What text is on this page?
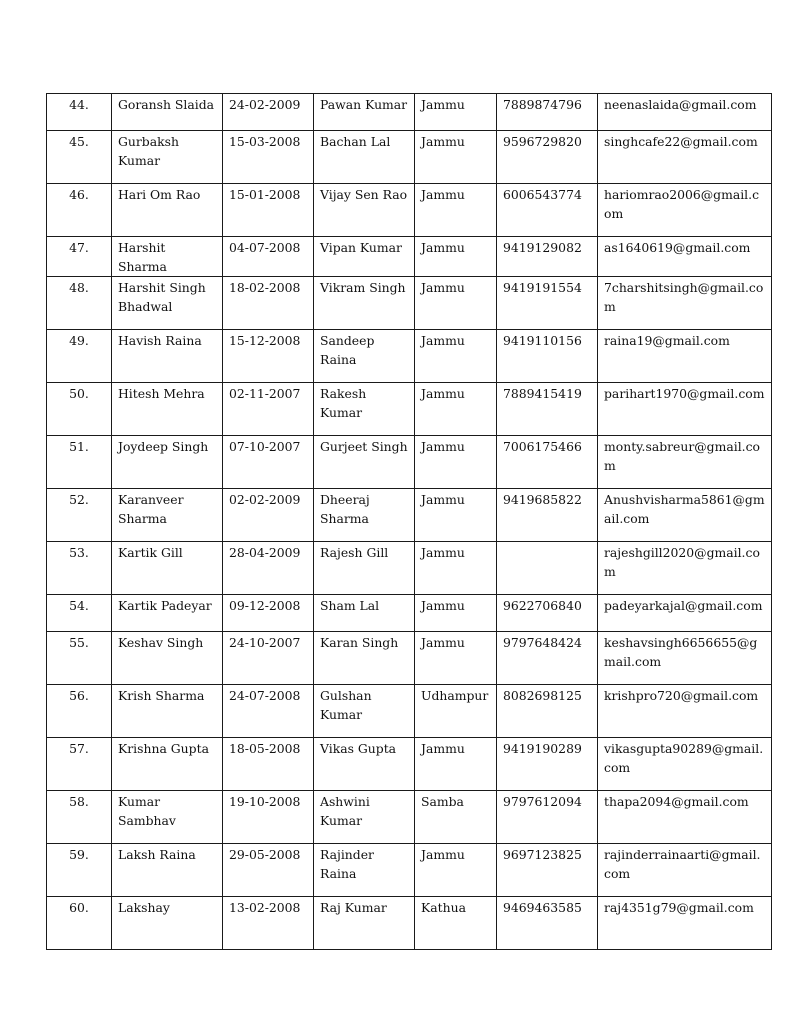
44.	Goransh Slaida	24-02-2009	Pawan Kumar	Jammu	7889874796	neenaslaida@gmail.com
45.	Gurbaksh Kumar	15-03-2008	Bachan Lal	Jammu	9596729820	singhcafe22@gmail.com
46.	Hari Om Rao	15-01-2008	Vijay Sen Rao	Jammu	6006543774	hariomrao2006@gmail.com
47.	Harshit Sharma	04-07-2008	Vipan Kumar	Jammu	9419129082	as1640619@gmail.com
48.	Harshit Singh Bhadwal	18-02-2008	Vikram Singh	Jammu	9419191554	7charshitsingh@gmail.com
49.	Havish Raina	15-12-2008	Sandeep Raina	Jammu	9419110156	raina19@gmail.com
50.	Hitesh Mehra	02-11-2007	Rakesh Kumar	Jammu	7889415419	parihart1970@gmail.com
51.	Joydeep Singh	07-10-2007	Gurjeet Singh	Jammu	7006175466	monty.sabreur@gmail.com
52.	Karanveer Sharma	02-02-2009	Dheeraj Sharma	Jammu	9419685822	Anushvisharma5861@gmail.com
53.	Kartik Gill	28-04-2009	Rajesh Gill	Jammu		rajeshgill2020@gmail.com
54.	Kartik Padeyar	09-12-2008	Sham Lal	Jammu	9622706840	padeyarkajal@gmail.com
55.	Keshav Singh	24-10-2007	Karan Singh	Jammu	9797648424	keshavsingh6656655@gmail.com
56.	Krish Sharma	24-07-2008	Gulshan Kumar	Udhampur	8082698125	krishpro720@gmail.com
57.	Krishna Gupta	18-05-2008	Vikas Gupta	Jammu	9419190289	vikasgupta90289@gmail.com
58.	Kumar Sambhav	19-10-2008	Ashwini Kumar	Samba	9797612094	thapa2094@gmail.com
59.	Laksh Raina	29-05-2008	Rajinder Raina	Jammu	9697123825	rajinderrainaarti@gmail.com
60.	Lakshay	13-02-2008	Raj Kumar	Kathua	9469463585	raj4351g79@gmail.com
